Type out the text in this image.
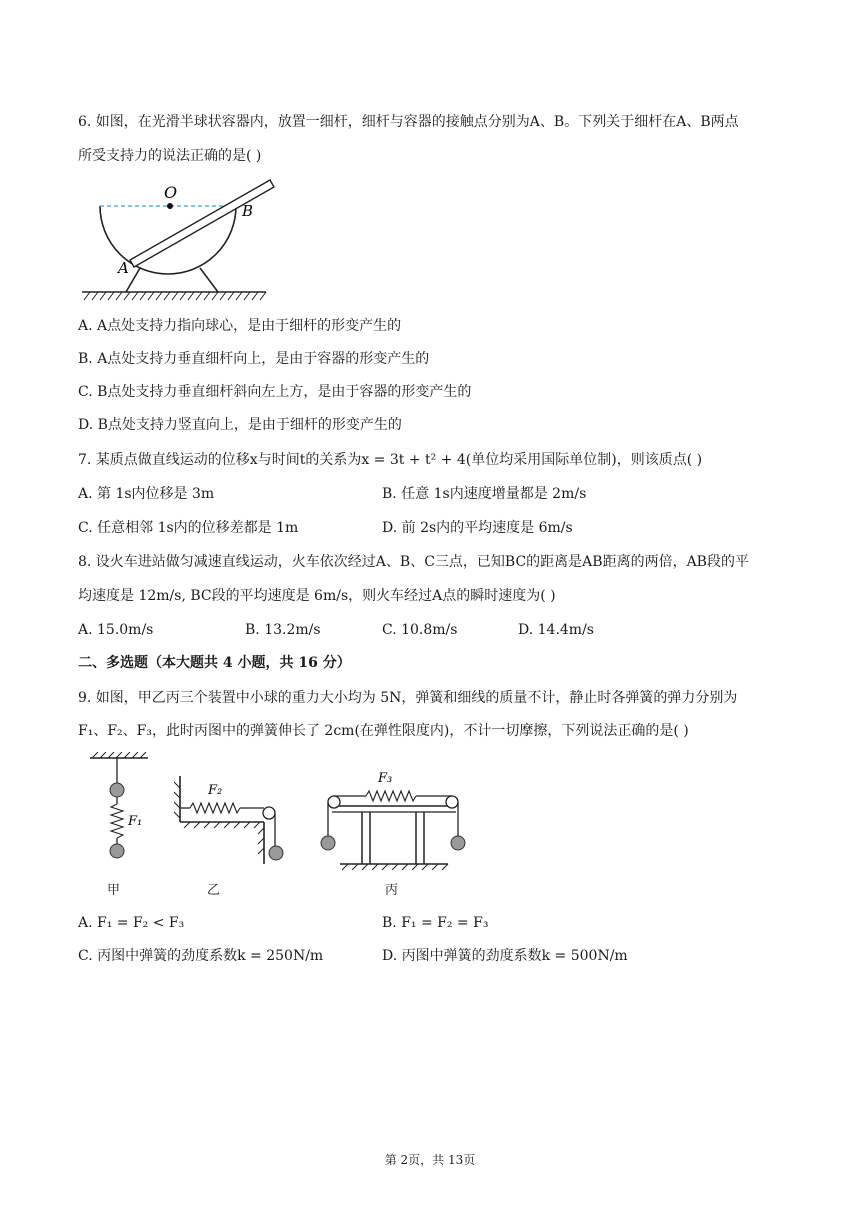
6. 如图，在光滑半球状容器内，放置一细杆，细杆与容器的接触点分别为A、B。下列关于细杆在A、B两点
所受支持力的说法正确的是( )
O
A
B
A. A点处支持力指向球心，是由于细杆的形变产生的
B. A点处支持力垂直细杆向上，是由于容器的形变产生的
C. B点处支持力垂直细杆斜向左上方，是由于容器的形变产生的
D. B点处支持力竖直向上，是由于细杆的形变产生的
7. 某质点做直线运动的位移x与时间t的关系为x = 3t + t² + 4(单位均采用国际单位制)，则该质点( )
A. 第 1s内位移是 3m	B. 任意 1s内速度增量都是 2m/s
C. 任意相邻 1s内的位移差都是 1m	D. 前 2s内的平均速度是 6m/s
8. 设火车进站做匀减速直线运动，火车依次经过A、B、C三点，已知BC的距离是AB距离的两倍，AB段的平
均速度是 12m/s, BC段的平均速度是 6m/s，则火车经过A点的瞬时速度为( )
A. 15.0m/s	B. 13.2m/s	C. 10.8m/s	D. 14.4m/s
二、多选题（本大题共 4 小题，共 16 分）
9. 如图，甲乙丙三个装置中小球的重力大小均为 5N，弹簧和细线的质量不计，静止时各弹簧的弹力分别为
F₁、F₂、F₃，此时丙图中的弹簧伸长了 2cm(在弹性限度内)，不计一切摩擦，下列说法正确的是( )
F₁
F₂
F₃
甲	乙	丙
A. F₁ = F₂ < F₃	B. F₁ = F₂ = F₃
C. 丙图中弹簧的劲度系数k = 250N/m	D. 丙图中弹簧的劲度系数k = 500N/m
第 2页，共 13页
